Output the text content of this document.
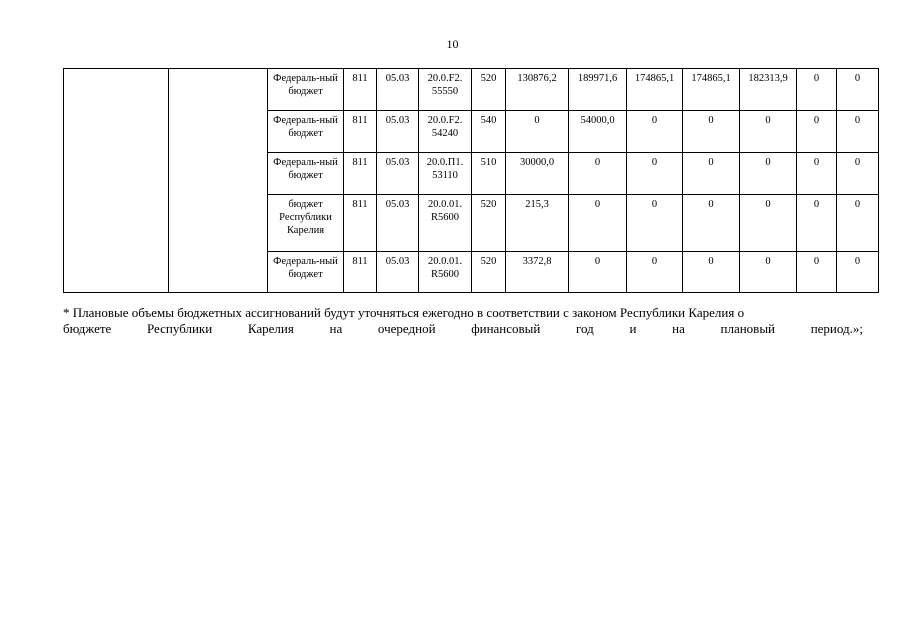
10
		Федераль-ный бюджет	811	05.03	20.0.F2. 55550	520	130876,2	189971,6	174865,1	174865,1	182313,9	0	0
		Федераль-ный бюджет	811	05.03	20.0.F2. 54240	540	0	54000,0	0	0	0	0	0
		Федераль-ный бюджет	811	05.03	20.0.П1. 53110	510	30000,0	0	0	0	0	0	0
		бюджет Республики Карелия	811	05.03	20.0.01. R5600	520	215,3	0	0	0	0	0	0
		Федераль-ный бюджет	811	05.03	20.0.01. R5600	520	3372,8	0	0	0	0	0	0
* Плановые объемы бюджетных ассигнований будут уточняться ежегодно в соответствии с законом Республики Карелия о
бюджете	Республики	Карелия	на	очередной	финансовый	год	и	на	плановый	период.»;
